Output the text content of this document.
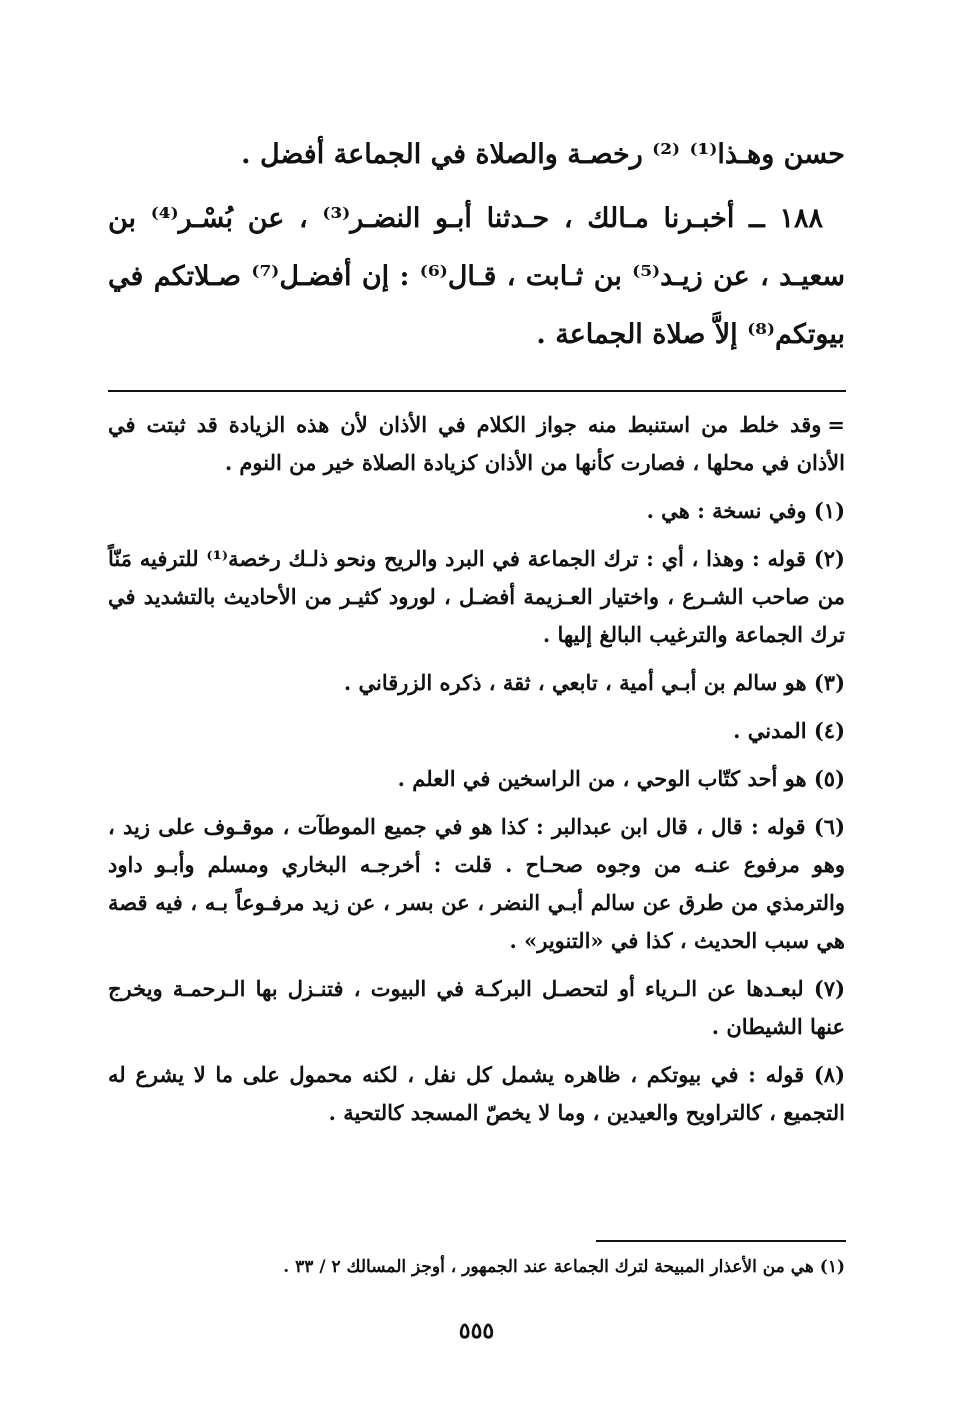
حسن وهـذا⁽¹⁾ ⁽²⁾ رخصـة والصلاة في الجماعة أفضل .

١٨٨ ــ أخبـرنا مـالك ، حـدثنا أبـو النضـر⁽³⁾ ، عن بُسْـر⁽⁴⁾ بن سعيـد ، عن زيـد⁽⁵⁾ بن ثـابت ، قـال⁽⁶⁾ : إن أفضـل⁽⁷⁾ صـلاتكم في بيوتكم⁽⁸⁾ إلاَّ صلاة الجماعة .

=وقد خلط من استنبط منه جواز الكلام في الأذان لأن هذه الزيادة قد ثبتت في الأذان في محلها ، فصارت كأنها من الأذان كزيادة الصلاة خير من النوم .

(١) وفي نسخة : هي .

(٢) قوله : وهذا ، أي : ترك الجماعة في البرد والريح ونحو ذلـك رخصة⁽¹⁾ للترفيه مَنّاً من صاحب الشـرع ، واختيار العـزيمة أفضـل ، لورود كثيـر من الأحاديث بالتشديد في ترك الجماعة والترغيب البالغ إليها .

(٣) هو سالم بن أبـي أمية ، تابعي ، ثقة ، ذكره الزرقاني .

(٤) المدني .

(٥) هو أحد كتّاب الوحي ، من الراسخين في العلم .

(٦) قوله : قال ، قال ابن عبدالبر : كذا هو في جميع الموطآت ، موقـوف على زيد ، وهو مرفوع عنـه من وجوه صحـاح . قلت : أخرجـه البخاري ومسلم وأبـو داود والترمذي من طرق عن سالم أبـي النضر ، عن بسر ، عن زيد مرفـوعاً بـه ، فيه قصة هي سبب الحديث ، كذا في «التنوير» .

(٧) لبعـدها عن الـرياء أو لتحصـل البركـة في البيوت ، فتنـزل بها الـرحمـة ويخرج عنها الشيطان .

(٨) قوله : في بيوتكم ، ظاهره يشمل كل نفل ، لكنه محمول على ما لا يشرع له التجميع ، كالتراويح والعيدين ، وما لا يخصّ المسجد كالتحية .

(١) هي من الأعذار المبيحة لترك الجماعة عند الجمهور ، أوجز المسالك ٢ / ٣٣ .
٥٥٥
